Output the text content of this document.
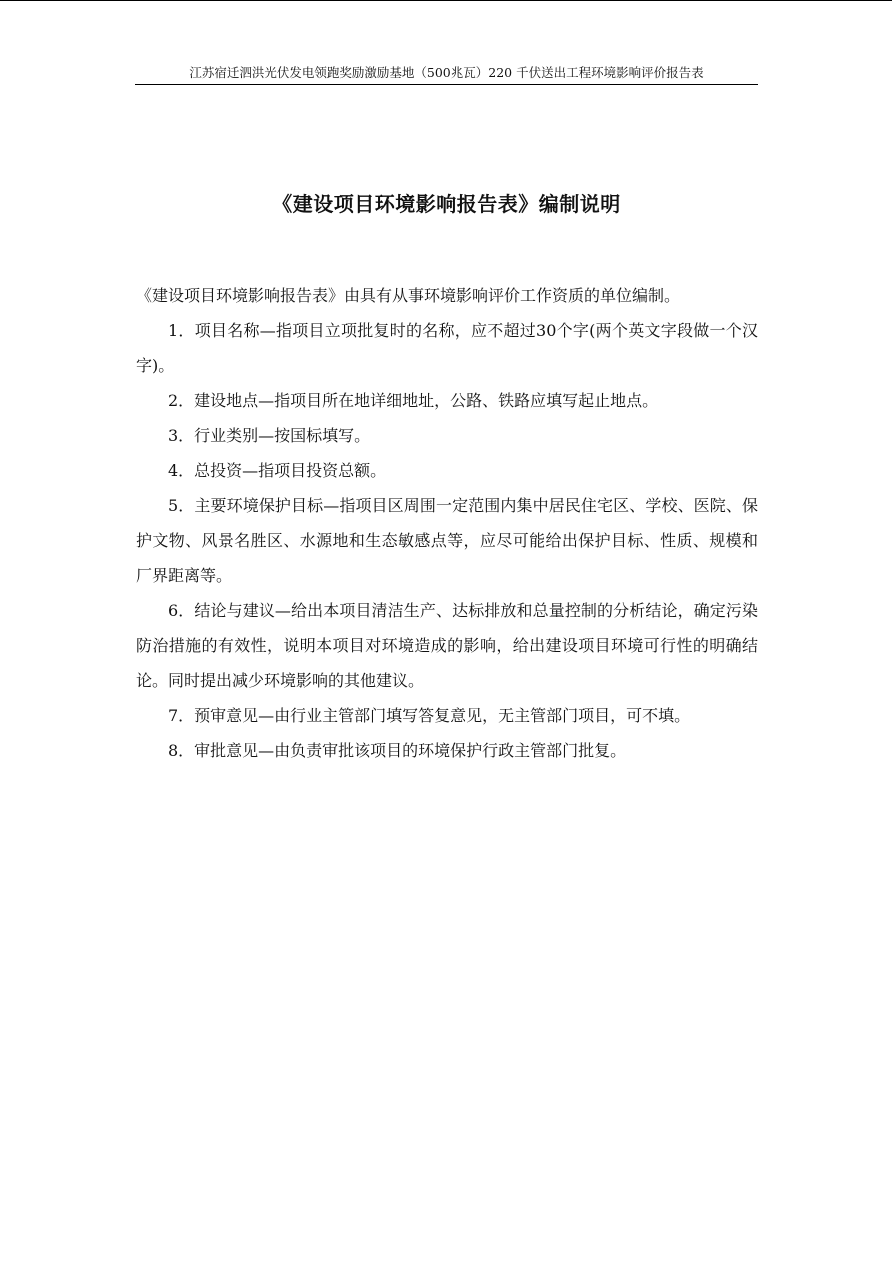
江苏宿迁泗洪光伏发电领跑奖励激励基地（500兆瓦）220 千伏送出工程环境影响评价报告表
《建设项目环境影响报告表》编制说明

《建设项目环境影响报告表》由具有从事环境影响评价工作资质的单位编制。

1．项目名称—指项目立项批复时的名称，应不超过30个字(两个英文字段做一个汉字)。

2．建设地点—指项目所在地详细地址，公路、铁路应填写起止地点。

3．行业类别—按国标填写。

4．总投资—指项目投资总额。

5．主要环境保护目标—指项目区周围一定范围内集中居民住宅区、学校、医院、保护文物、风景名胜区、水源地和生态敏感点等，应尽可能给出保护目标、性质、规模和厂界距离等。

6．结论与建议—给出本项目清洁生产、达标排放和总量控制的分析结论，确定污染防治措施的有效性，说明本项目对环境造成的影响，给出建设项目环境可行性的明确结论。同时提出减少环境影响的其他建议。

7．预审意见—由行业主管部门填写答复意见，无主管部门项目，可不填。

8．审批意见—由负责审批该项目的环境保护行政主管部门批复。
